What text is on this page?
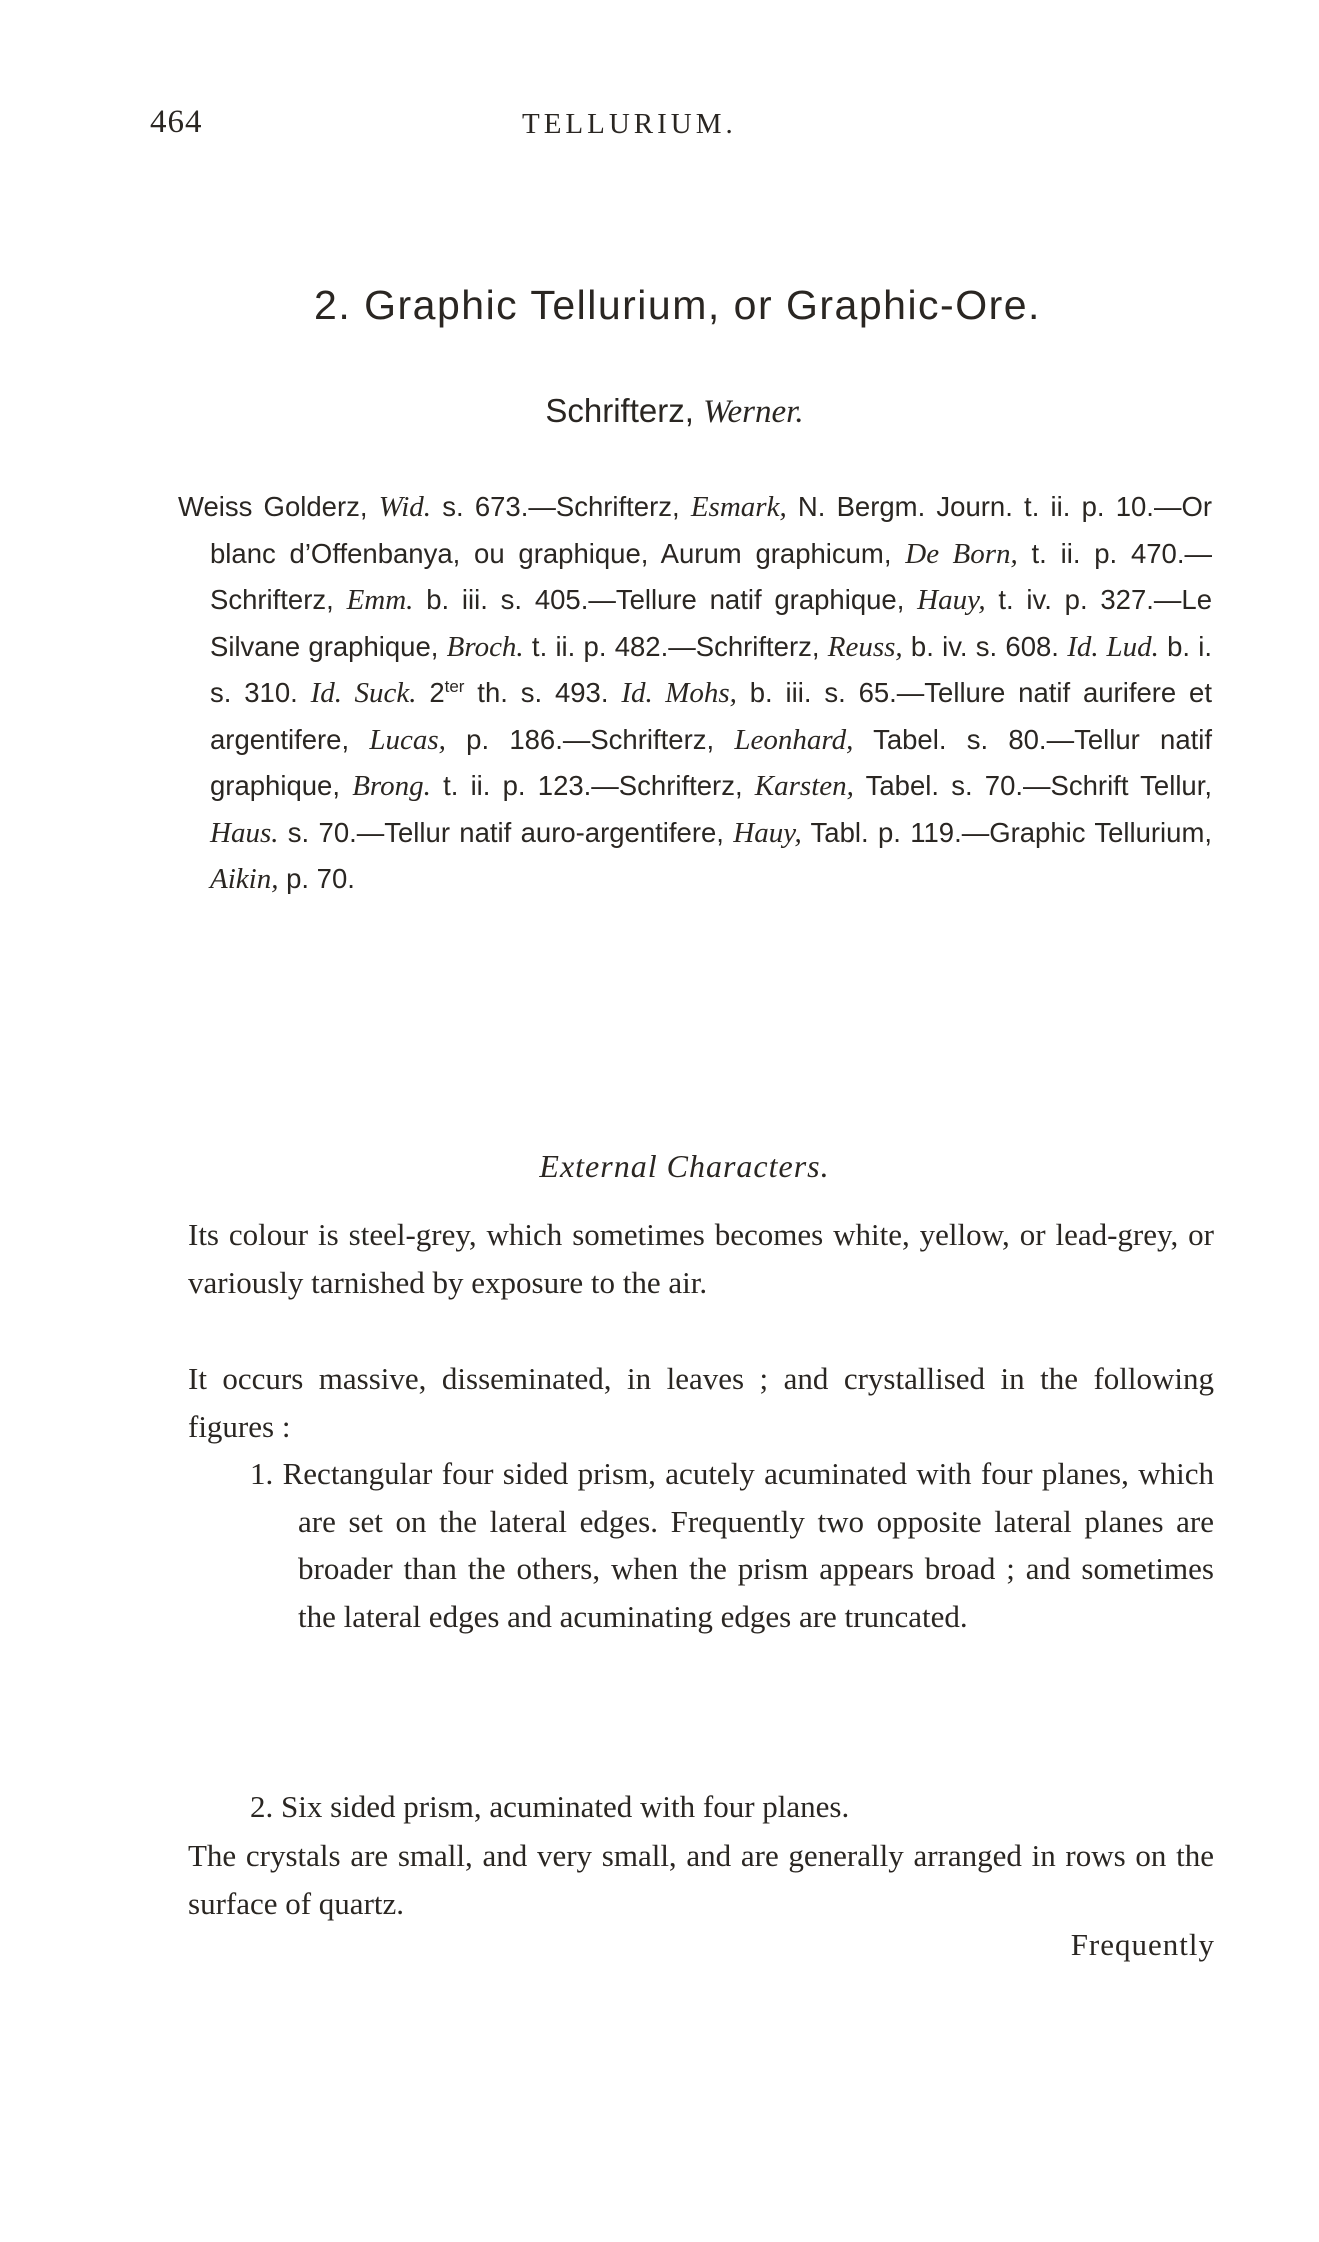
464	TELLURIUM.
2. Graphic Tellurium, or Graphic-Ore.
Schrifterz, Werner.
Weiss Golderz, Wid. s. 673.—Schrifterz, Esmark, N. Bergm. Journ. t. ii. p. 10.—Or blanc d’Offenbanya, ou graphique, Aurum graphicum, De Born, t. ii. p. 470.—Schrifterz, Emm. b. iii. s. 405.—Tellure natif graphique, Hauy, t. iv. p. 327.—Le Silvane graphique, Broch. t. ii. p. 482.—Schrifterz, Reuss, b. iv. s. 608. Id. Lud. b. i. s. 310. Id. Suck. $2^{ter}$ th. s. 493. Id. Mohs, b. iii. s. 65.—Tellure natif aurifere et argentifere, Lucas, p. 186.—Schrifterz, Leonhard, Tabel. s. 80.—Tellur natif graphique, Brong. t. ii. p. 123.—Schrifterz, Karsten, Tabel. s. 70.—Schrift Tellur, Haus. s. 70.—Tellur natif auro-argentifere, Hauy, Tabl. p. 119.—Graphic Tellurium, Aikin, p. 70.
External Characters.

Its colour is steel-grey, which sometimes becomes white, yellow, or lead-grey, or variously tarnished by exposure to the air.

It occurs massive, disseminated, in leaves ; and crystallised in the following figures :

1. Rectangular four sided prism, acutely acuminated with four planes, which are set on the lateral edges. Frequently two opposite lateral planes are broader than the others, when the prism appears broad ; and sometimes the lateral edges and acuminating edges are truncated.

2. Six sided prism, acuminated with four planes.

The crystals are small, and very small, and are generally arranged in rows on the surface of quartz.

Frequently
